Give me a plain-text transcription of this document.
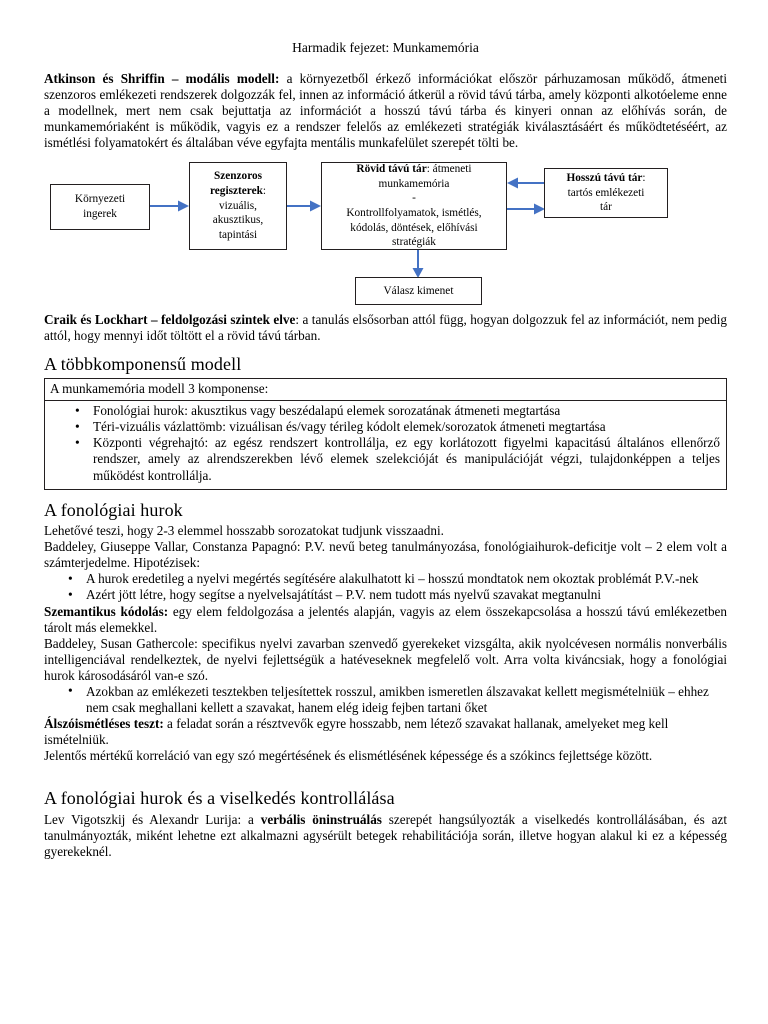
Harmadik fejezet: Munkamemória

Atkinson és Shriffin – modális modell: a környezetből érkező információkat először párhuzamosan működő, átmeneti szenzoros emlékezeti rendszerek dolgozzák fel, innen az információ átkerül a rövid távú tárba, amely központi alkotóeleme enne a modellnek, mert nem csak bejuttatja az információt a hosszú távú tárba és kinyeri onnan az előhívás során, de munkamemóriaként is működik, vagyis ez a rendszer felelős az emlékezeti stratégiák kiválasztásáért és működtetéséért, az ismétlési folyamatokért és általában véve egyfajta mentális munkafelület szerepét tölti be.

Környezeti
ingerek
Szenzoros
regiszterek:
vizuális,
akusztikus,
tapintási
Rövid távú tár: átmeneti
munkamemória
-
Kontrollfolyamatok, ismétlés,
kódolás, döntések, előhívási
stratégiák
Hosszú távú tár:
tartós emlékezeti
tár
Válasz kimenet

Craik és Lockhart – feldolgozási szintek elve: a tanulás elsősorban attól függ, hogyan dolgozzuk fel az információt, nem pedig attól, hogy mennyi időt töltött el a rövid távú tárban.

A többkomponensű modell
A munkamemória modell 3 komponense:
• Fonológiai hurok: akusztikus vagy beszédalapú elemek sorozatának átmeneti megtartása
• Téri-vizuális vázlattömb: vizuálisan és/vagy térileg kódolt elemek/sorozatok átmeneti megtartása
• Központi végrehajtó: az egész rendszert kontrollálja, ez egy korlátozott figyelmi kapacitású általános ellenőrző rendszer, amely az alrendszerekben lévő elemek szelekcióját és manipulációját végzi, tulajdonképpen a teljes működést kontrollálja.
A fonológiai hurok

Lehetővé teszi, hogy 2-3 elemmel hosszabb sorozatokat tudjunk visszaadni.

Baddeley, Giuseppe Vallar, Constanza Papagnó: P.V. nevű beteg tanulmányozása, fonológiaihurok-deficitje volt – 2 elem volt a számterjedelme. Hipotézisek:

• A hurok eredetileg a nyelvi megértés segítésére alakulhatott ki – hosszú mondtatok nem okoztak problémát P.V.-nek
• Azért jött létre, hogy segítse a nyelvelsajátítást – P.V. nem tudott más nyelvű szavakat megtanulni

Szemantikus kódolás: egy elem feldolgozása a jelentés alapján, vagyis az elem összekapcsolása a hosszú távú emlékezetben tárolt más elemekkel.

Baddeley, Susan Gathercole: specifikus nyelvi zavarban szenvedő gyerekeket vizsgálta, akik nyolcévesen normális nonverbális intelligenciával rendelkeztek, de nyelvi fejlettségük a hatéveseknek megfelelő volt. Arra volta kiváncsiak, hogy a fonológiai hurok károsodásáról van-e szó.

• Azokban az emlékezeti tesztekben teljesítettek rosszul, amikben ismeretlen álszavakat kellett megismételniük – ehhez nem csak meghallani kellett a szavakat, hanem elég ideig fejben tartani őket

Álszóismétléses teszt: a feladat során a résztvevők egyre hosszabb, nem létező szavakat hallanak, amelyeket meg kell ismételniük.

Jelentős mértékű korreláció van egy szó megértésének és elismétlésének képessége és a szókincs fejlettsége között.

A fonológiai hurok és a viselkedés kontrollálása

Lev Vigotszkij és Alexandr Lurija: a verbális öninstruálás szerepét hangsúlyozták a viselkedés kontrollálásában, és azt tanulmányozták, miként lehetne ezt alkalmazni agysérült betegek rehabilitációja során, illetve hogyan alakul ki ez a képesség gyerekeknél.
